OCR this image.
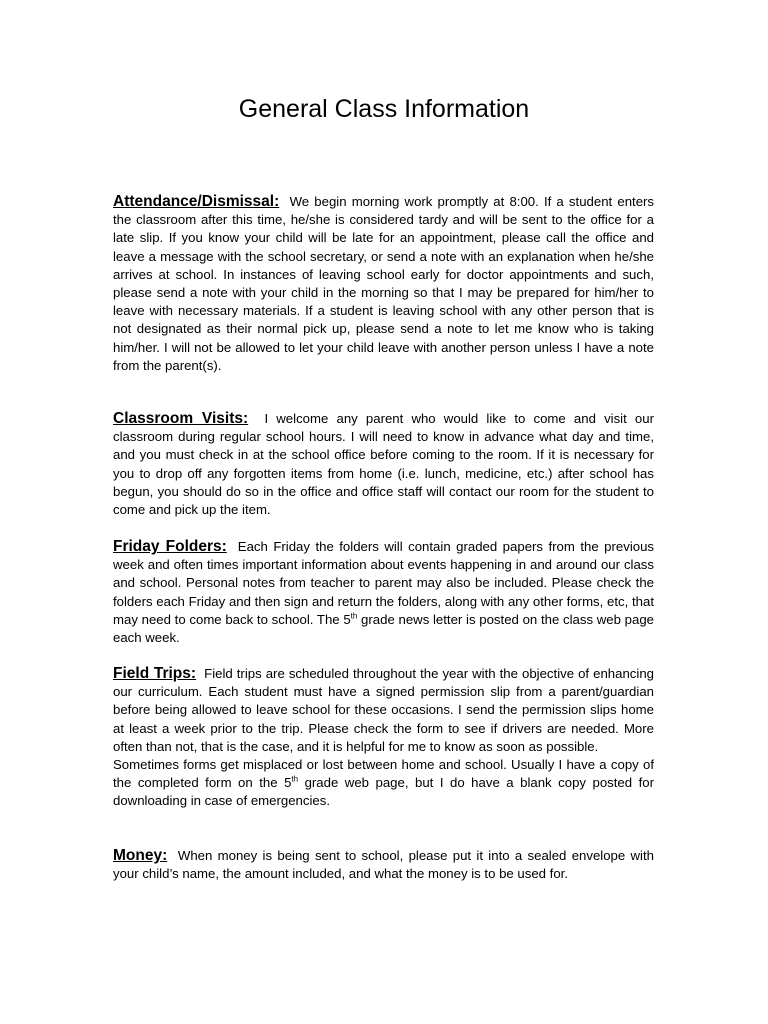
General Class Information

Attendance/Dismissal: We begin morning work promptly at 8:00. If a student enters the classroom after this time, he/she is considered tardy and will be sent to the office for a late slip. If you know your child will be late for an appointment, please call the office and leave a message with the school secretary, or send a note with an explanation when he/she arrives at school. In instances of leaving school early for doctor appointments and such, please send a note with your child in the morning so that I may be prepared for him/her to leave with necessary materials. If a student is leaving school with any other person that is not designated as their normal pick up, please send a note to let me know who is taking him/her. I will not be allowed to let your child leave with another person unless I have a note from the parent(s).

Classroom Visits: I welcome any parent who would like to come and visit our classroom during regular school hours. I will need to know in advance what day and time, and you must check in at the school office before coming to the room. If it is necessary for you to drop off any forgotten items from home (i.e. lunch, medicine, etc.) after school has begun, you should do so in the office and office staff will contact our room for the student to come and pick up the item.

Friday Folders: Each Friday the folders will contain graded papers from the previous week and often times important information about events happening in and around our class and school. Personal notes from teacher to parent may also be included. Please check the folders each Friday and then sign and return the folders, along with any other forms, etc, that may need to come back to school. The 5th grade news letter is posted on the class web page each week.

Field Trips: Field trips are scheduled throughout the year with the objective of enhancing our curriculum. Each student must have a signed permission slip from a parent/guardian before being allowed to leave school for these occasions. I send the permission slips home at least a week prior to the trip. Please check the form to see if drivers are needed. More often than not, that is the case, and it is helpful for me to know as soon as possible.

Sometimes forms get misplaced or lost between home and school. Usually I have a copy of the completed form on the 5th grade web page, but I do have a blank copy posted for downloading in case of emergencies.

Money: When money is being sent to school, please put it into a sealed envelope with your child’s name, the amount included, and what the money is to be used for.
